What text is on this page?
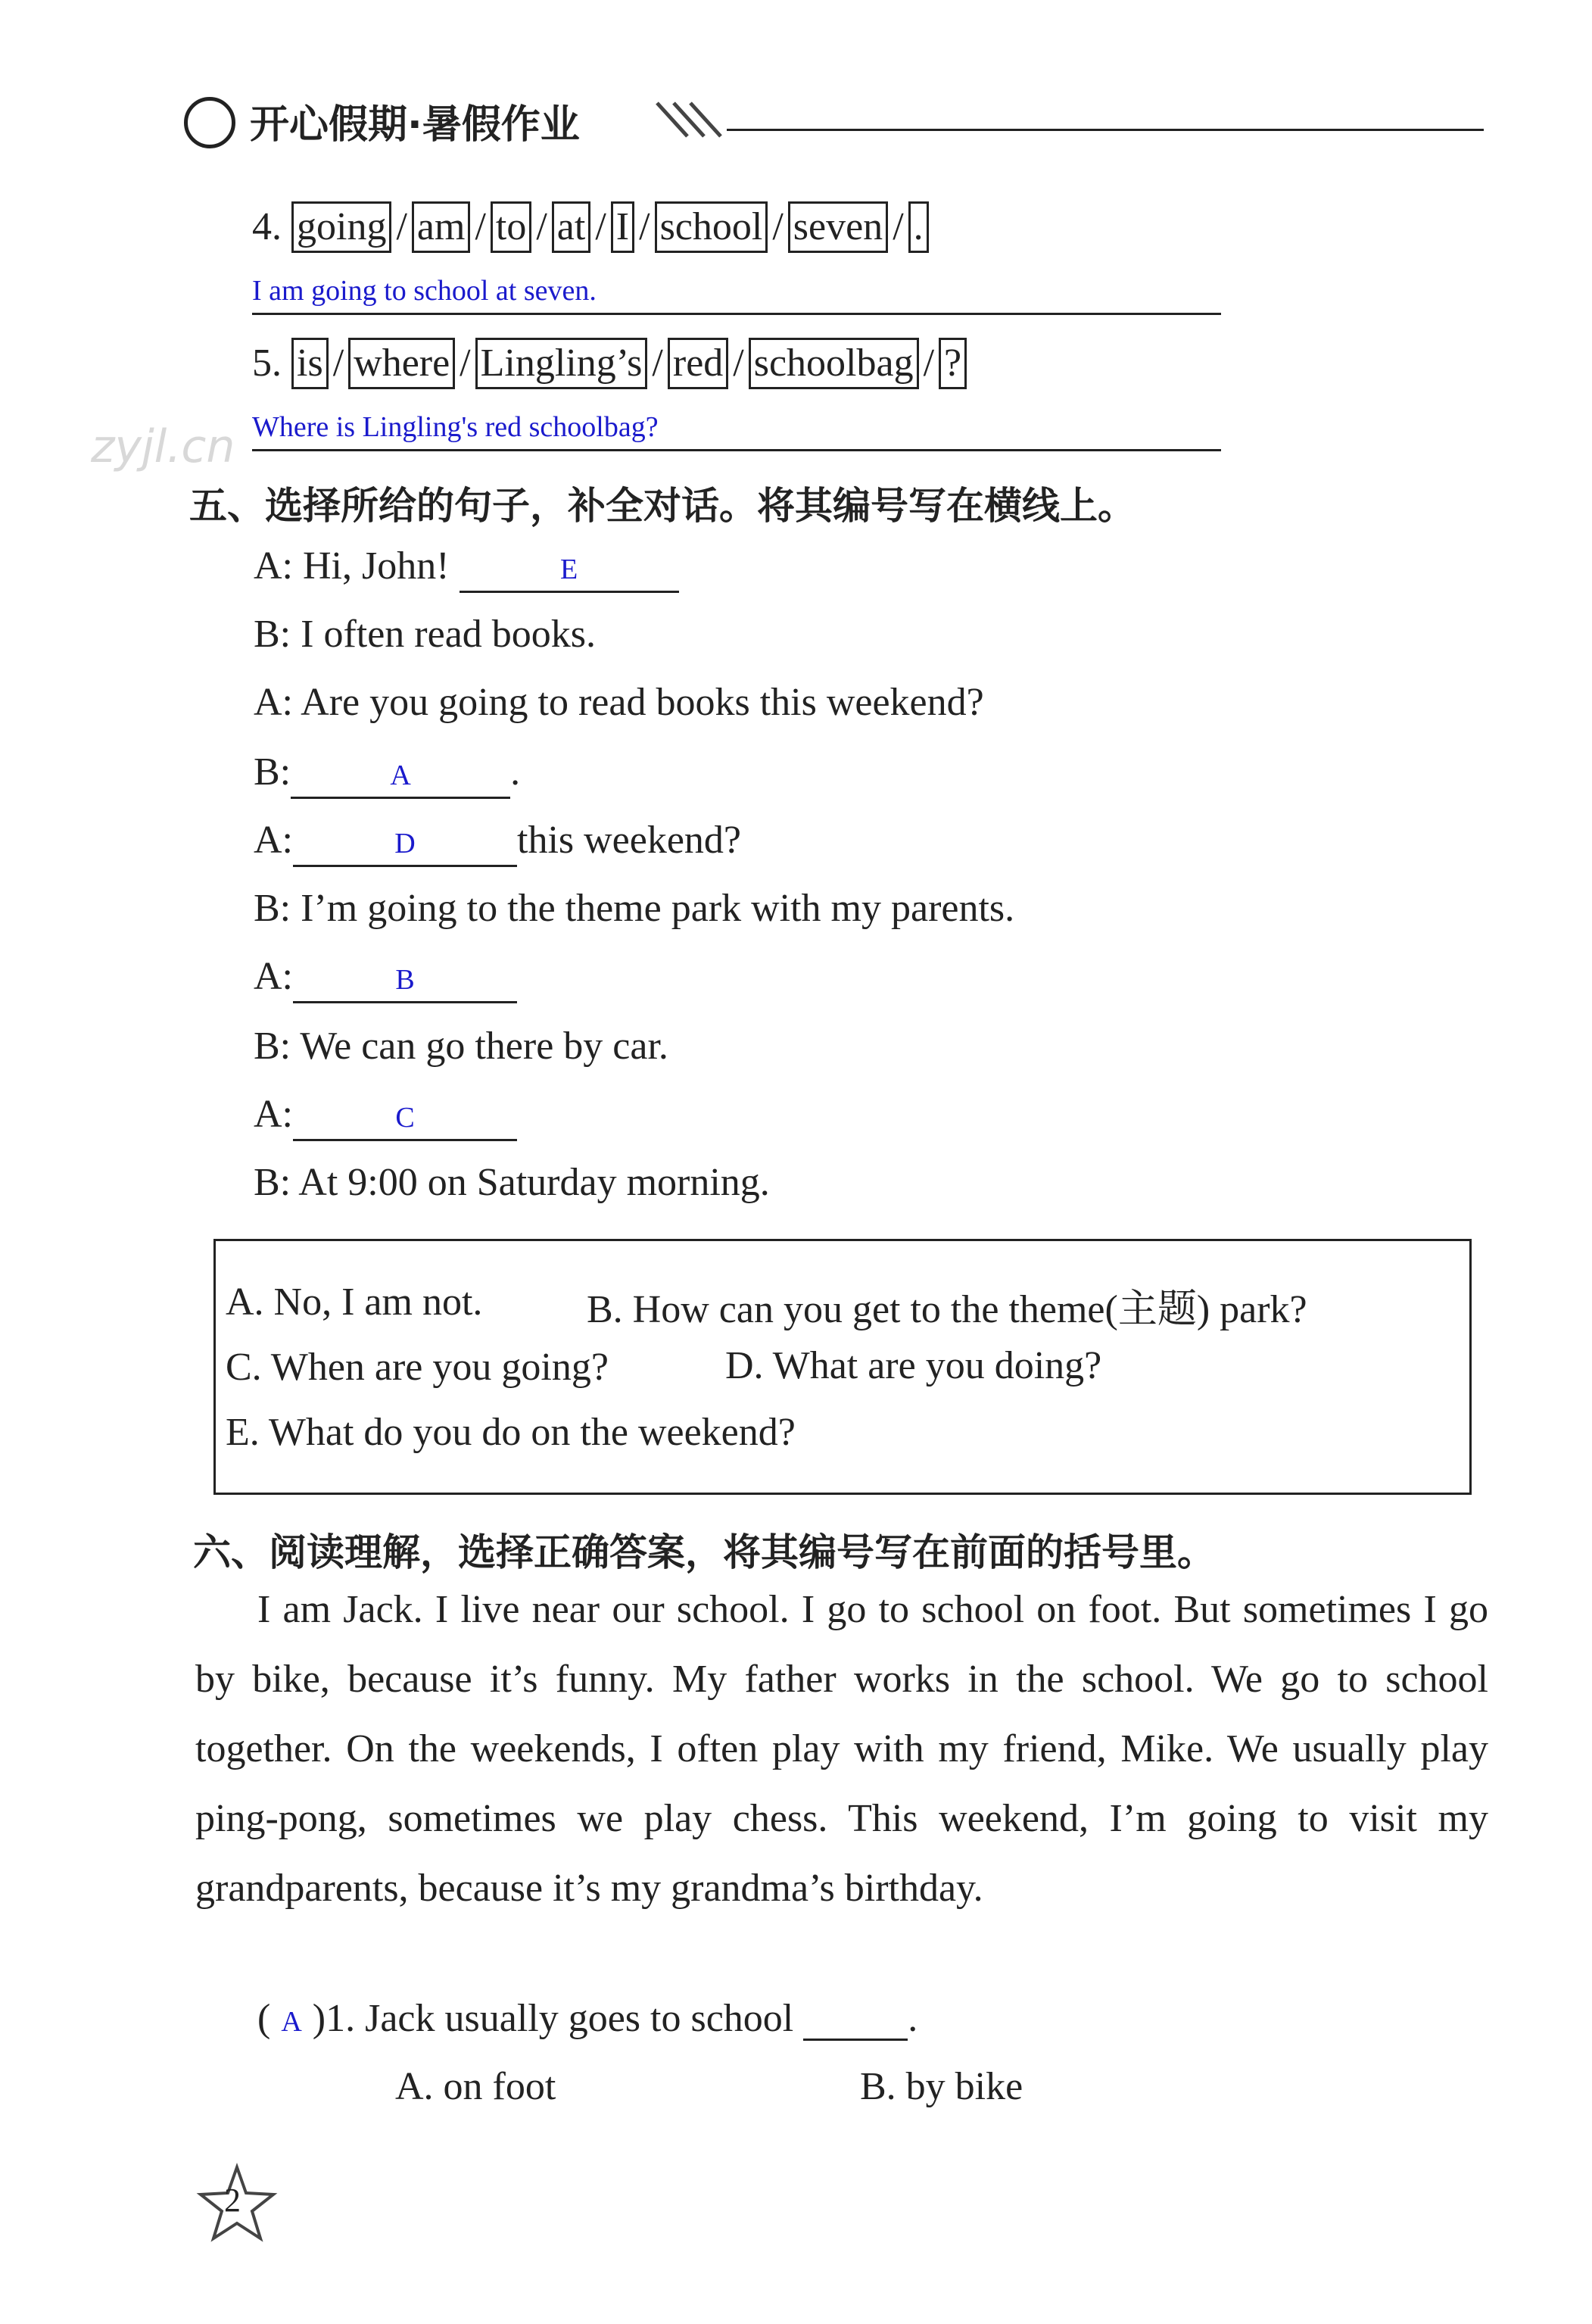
开心假期·暑假作业
zyjl.cn
4. going / am / to / at / I / school / seven / .
I am going to school at seven.
5. is / where / Lingling’s / red / schoolbag / ?
Where is Lingling's red schoolbag?
五、选择所给的句子，补全对话。将其编号写在横线上。
A: Hi, John!	E
B: I often read books.
A: Are you going to read books this weekend?
B:	A	.
A:	D	this weekend?
B: I’m going to the theme park with my parents.
A:	B
B: We can go there by car.
A:	C
B: At 9:00 on Saturday morning.
A. No, I am not.	B. How can you get to the theme(主题) park?
C. When are you going?	D. What are you doing?
E. What do you do on the weekend?
六、阅读理解，选择正确答案，将其编号写在前面的括号里。
I am Jack. I live near our school. I go to school on foot. But sometimes I go by bike, because it’s funny. My father works in the school. We go to school together. On the weekends, I often play with my friend, Mike. We usually play ping-pong, sometimes we play chess. This weekend, I’m going to visit my grandparents, because it’s my grandma’s birthday.
( A )1. Jack usually goes to school	.
A. on foot	B. by bike
2
